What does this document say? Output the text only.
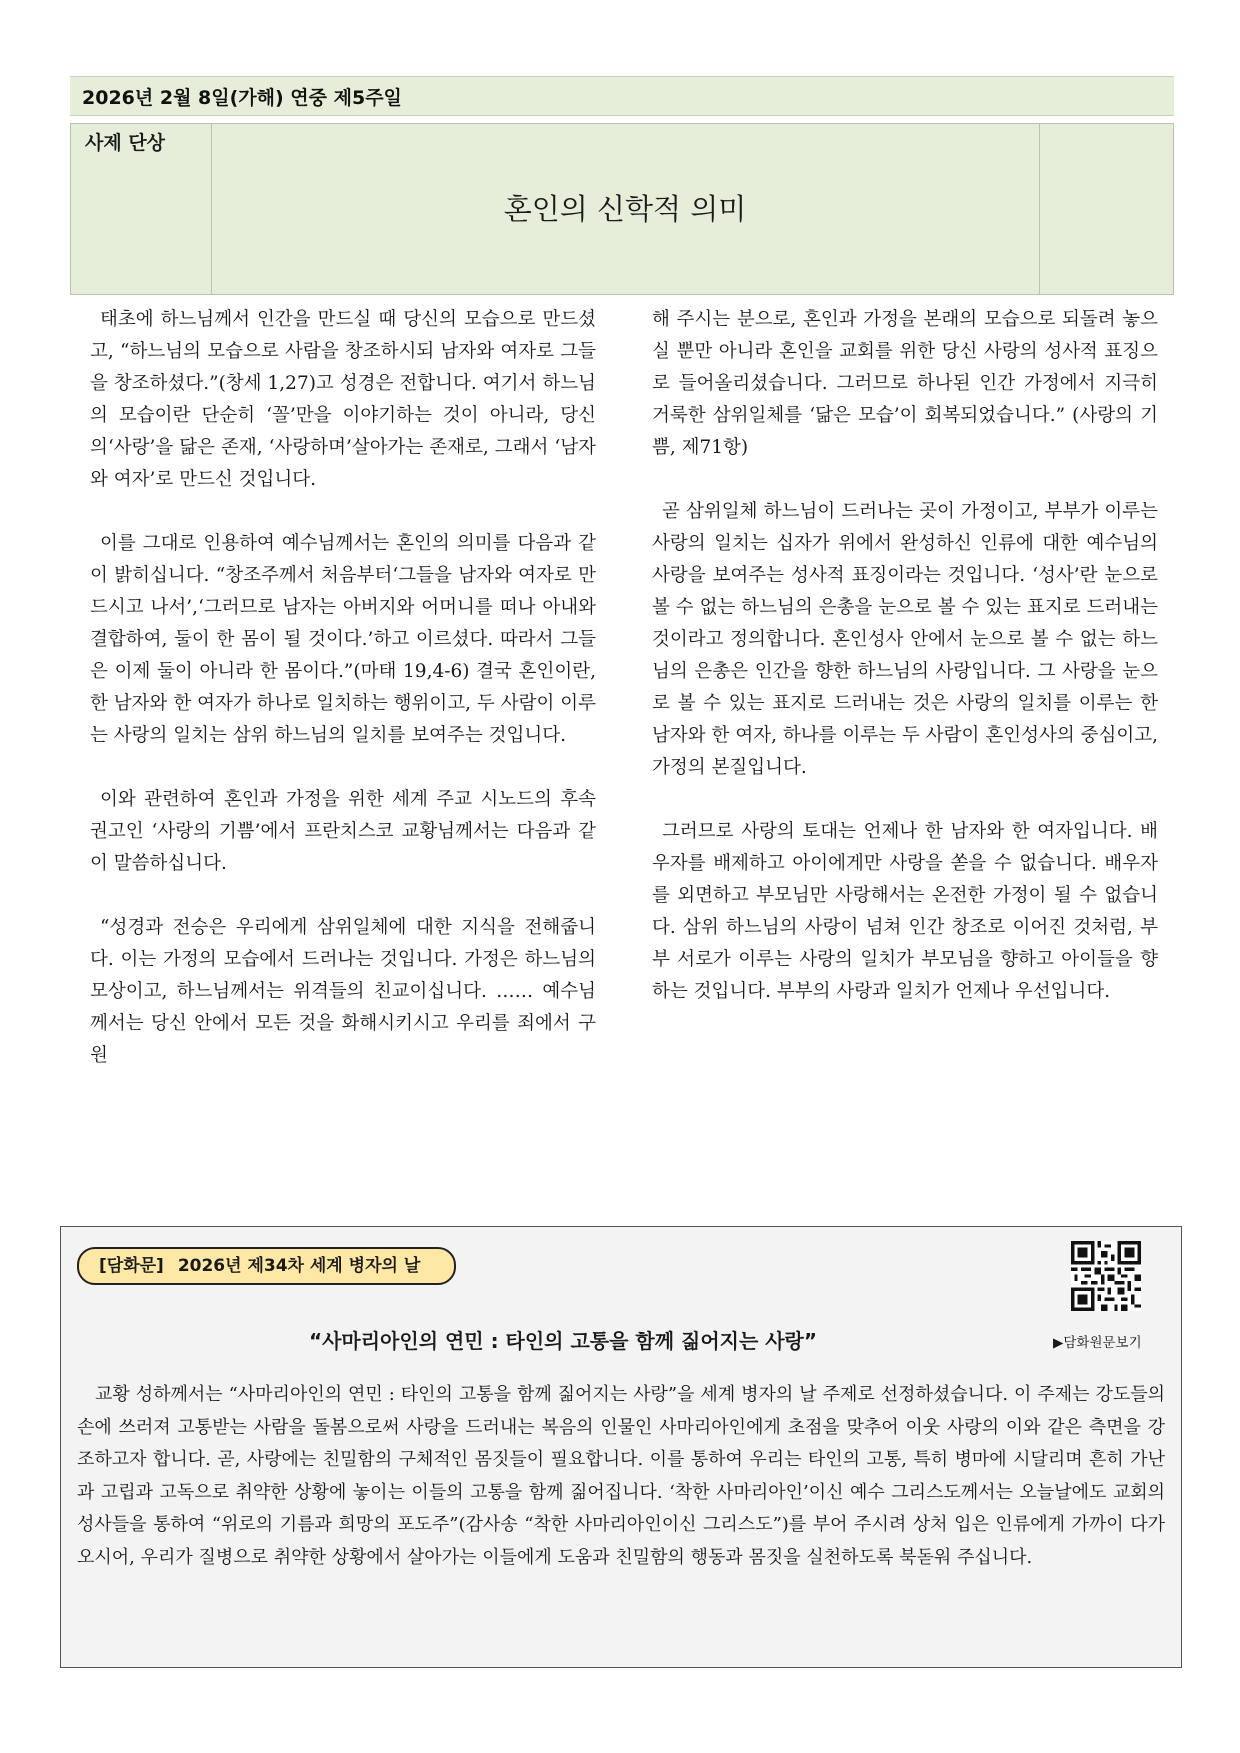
2026년 2월 8일(가해) 연중 제5주일
사제 단상
혼인의 신학적 의미

태초에 하느님께서 인간을 만드실 때 당신의 모습으로 만드셨고, “하느님의 모습으로 사람을 창조하시되 남자와 여자로 그들을 창조하셨다.”(창세 1,27)고 성경은 전합니다. 여기서 하느님의 모습이란 단순히 ‘꼴’만을 이야기하는 것이 아니라, 당신의‘사랑’을 닮은 존재, ‘사랑하며’살아가는 존재로, 그래서 ‘남자와 여자’로 만드신 것입니다.

이를 그대로 인용하여 예수님께서는 혼인의 의미를 다음과 같이 밝히십니다. “창조주께서 처음부터‘그들을 남자와 여자로 만드시고 나서’,‘그러므로 남자는 아버지와 어머니를 떠나 아내와 결합하여, 둘이 한 몸이 될 것이다.’하고 이르셨다. 따라서 그들은 이제 둘이 아니라 한 몸이다.”(마태 19,4-6) 결국 혼인이란, 한 남자와 한 여자가 하나로 일치하는 행위이고, 두 사람이 이루는 사랑의 일치는 삼위 하느님의 일치를 보여주는 것입니다.

이와 관련하여 혼인과 가정을 위한 세계 주교 시노드의 후속 권고인 ‘사랑의 기쁨’에서 프란치스코 교황님께서는 다음과 같이 말씀하십니다.

“성경과 전승은 우리에게 삼위일체에 대한 지식을 전해줍니다. 이는 가정의 모습에서 드러나는 것입니다. 가정은 하느님의 모상이고, 하느님께서는 위격들의 친교이십니다. …… 예수님께서는 당신 안에서 모든 것을 화해시키시고 우리를 죄에서 구원

해 주시는 분으로, 혼인과 가정을 본래의 모습으로 되돌려 놓으실 뿐만 아니라 혼인을 교회를 위한 당신 사랑의 성사적 표징으로 들어올리셨습니다. 그러므로 하나된 인간 가정에서 지극히 거룩한 삼위일체를 ‘닮은 모습’이 회복되었습니다.” (사랑의 기쁨, 제71항)

곧 삼위일체 하느님이 드러나는 곳이 가정이고, 부부가 이루는 사랑의 일치는 십자가 위에서 완성하신 인류에 대한 예수님의 사랑을 보여주는 성사적 표징이라는 것입니다. ‘성사’란 눈으로 볼 수 없는 하느님의 은총을 눈으로 볼 수 있는 표지로 드러내는 것이라고 정의합니다. 혼인성사 안에서 눈으로 볼 수 없는 하느님의 은총은 인간을 향한 하느님의 사랑입니다. 그 사랑을 눈으로 볼 수 있는 표지로 드러내는 것은 사랑의 일치를 이루는 한 남자와 한 여자, 하나를 이루는 두 사람이 혼인성사의 중심이고, 가정의 본질입니다.

그러므로 사랑의 토대는 언제나 한 남자와 한 여자입니다. 배우자를 배제하고 아이에게만 사랑을 쏟을 수 없습니다. 배우자를 외면하고 부모님만 사랑해서는 온전한 가정이 될 수 없습니다. 삼위 하느님의 사랑이 넘쳐 인간 창조로 이어진 것처럼, 부부 서로가 이루는 사랑의 일치가 부모님을 향하고 아이들을 향하는 것입니다. 부부의 사랑과 일치가 언제나 우선입니다.

[담화문] 2026년 제34차 세계 병자의 날
▶담화원문보기
“사마리아인의 연민 : 타인의 고통을 함께 짊어지는 사랑”

교황 성하께서는 “사마리아인의 연민 : 타인의 고통을 함께 짊어지는 사랑”을 세계 병자의 날 주제로 선정하셨습니다. 이 주제는 강도들의 손에 쓰러져 고통받는 사람을 돌봄으로써 사랑을 드러내는 복음의 인물인 사마리아인에게 초점을 맞추어 이웃 사랑의 이와 같은 측면을 강조하고자 합니다. 곧, 사랑에는 친밀함의 구체적인 몸짓들이 필요합니다. 이를 통하여 우리는 타인의 고통, 특히 병마에 시달리며 흔히 가난과 고립과 고독으로 취약한 상황에 놓이는 이들의 고통을 함께 짊어집니다. ‘착한 사마리아인’이신 예수 그리스도께서는 오늘날에도 교회의 성사들을 통하여 “위로의 기름과 희망의 포도주”(감사송 “착한 사마리아인이신 그리스도”)를 부어 주시려 상처 입은 인류에게 가까이 다가오시어, 우리가 질병으로 취약한 상황에서 살아가는 이들에게 도움과 친밀함의 행동과 몸짓을 실천하도록 북돋워 주십니다.
